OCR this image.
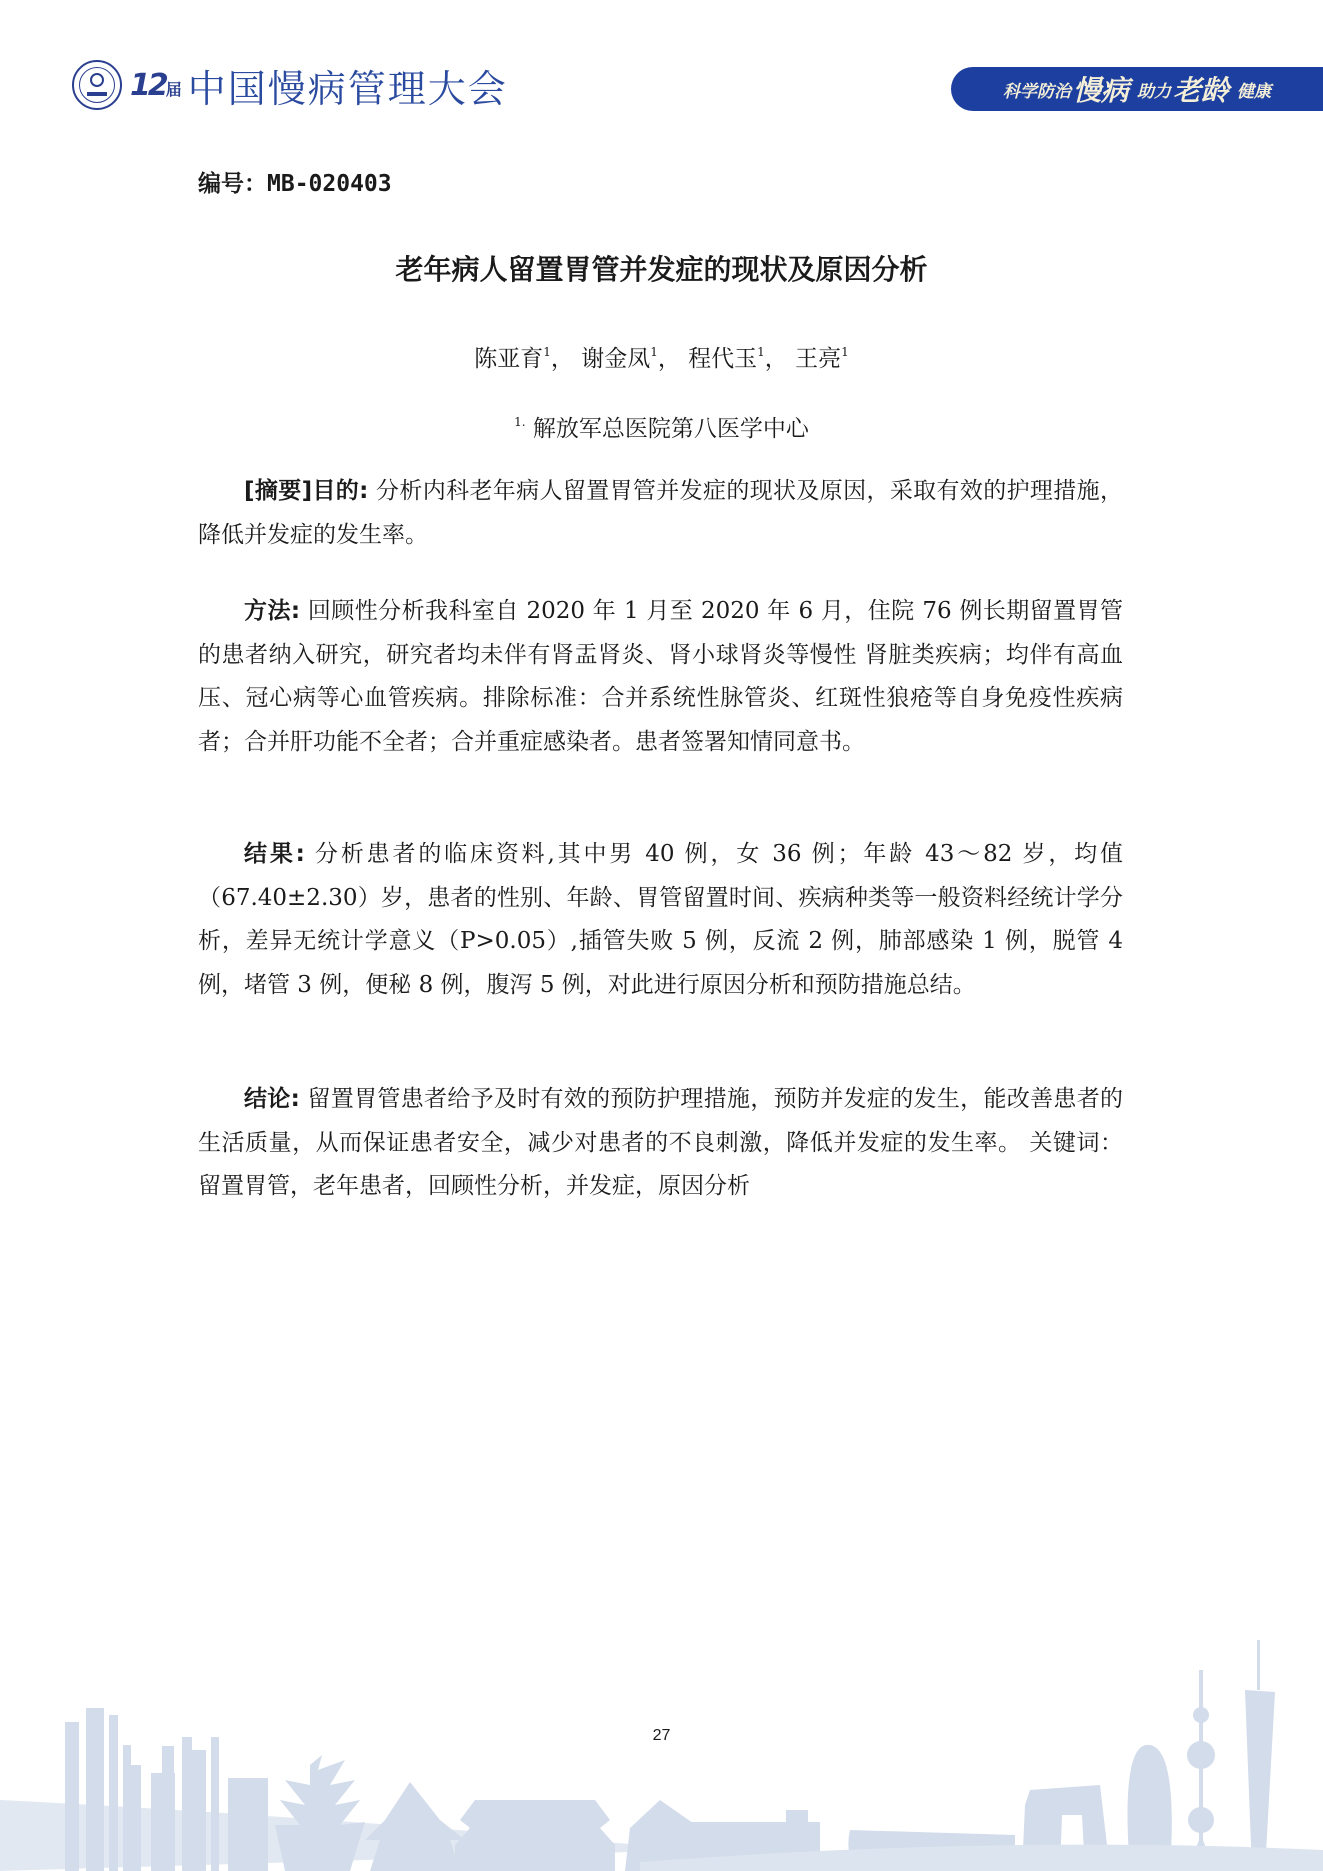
12届 中国慢病管理大会	科学防治 慢病 助力 老龄 健康
编号：MB-020403
老年病人留置胃管并发症的现状及原因分析
陈亚育$^1$， 谢金凤$^1$， 程代玉$^1$， 王亮$^1$
$^{1.}$ 解放军总医院第八医学中心
[摘要]目的: 分析内科老年病人留置胃管并发症的现状及原因，采取有效的护理措施，降低并发症的发生率。
方法: 回顾性分析我科室自 2020 年 1 月至 2020 年 6 月，住院 76 例长期留置胃管的患者纳入研究，研究者均未伴有肾盂肾炎、肾小球肾炎等慢性 肾脏类疾病；均伴有高血压、冠心病等心血管疾病。排除标准：合并系统性脉管炎、红斑性狼疮等自身免疫性疾病者；合并肝功能不全者；合并重症感染者。患者签署知情同意书。
结果: 分析患者的临床资料,其中男 40 例，女 36 例；年龄 43～82 岁，均值（67.40±2.30）岁，患者的性别、年龄、胃管留置时间、疾病种类等一般资料经统计学分析，差异无统计学意义（P>0.05）,插管失败 5 例，反流 2 例，肺部感染 1 例，脱管 4 例，堵管 3 例，便秘 8 例，腹泻 5 例，对此进行原因分析和预防措施总结。
结论: 留置胃管患者给予及时有效的预防护理措施，预防并发症的发生，能改善患者的生活质量，从而保证患者安全，减少对患者的不良刺激，降低并发症的发生率。 关键词：留置胃管，老年患者，回顾性分析，并发症，原因分析
27
